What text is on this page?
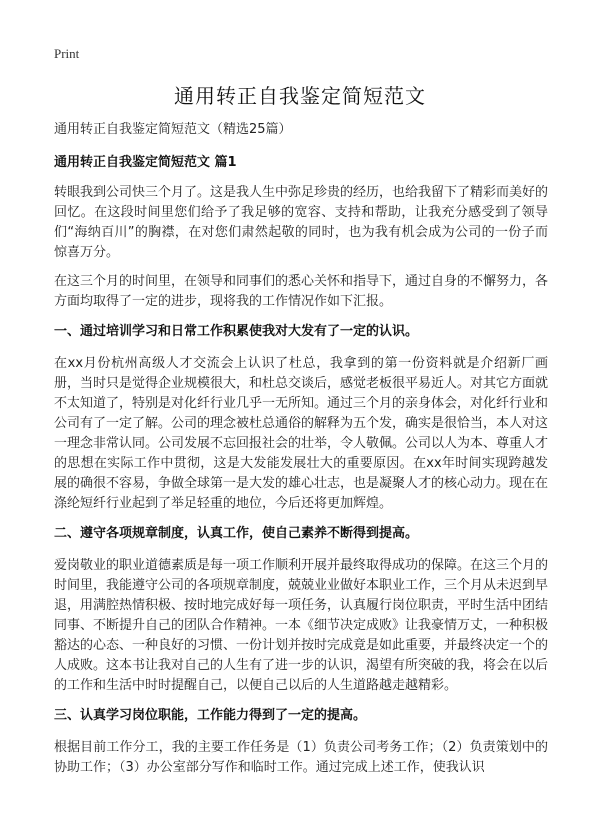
Print
通用转正自我鉴定简短范文
通用转正自我鉴定简短范文（精选25篇）
通用转正自我鉴定简短范文 篇1

转眼我到公司快三个月了。这是我人生中弥足珍贵的经历，也给我留下了精彩而美好的回忆。在这段时间里您们给予了我足够的宽容、支持和帮助，让我充分感受到了领导们“海纳百川”的胸襟，在对您们肃然起敬的同时，也为我有机会成为公司的一份子而惊喜万分。

在这三个月的时间里，在领导和同事们的悉心关怀和指导下，通过自身的不懈努力，各方面均取得了一定的进步，现将我的工作情况作如下汇报。

一、通过培训学习和日常工作积累使我对大发有了一定的认识。

在xx月份杭州高级人才交流会上认识了杜总，我拿到的第一份资料就是介绍新厂画册，当时只是觉得企业规模很大，和杜总交谈后，感觉老板很平易近人。对其它方面就不太知道了，特别是对化纤行业几乎一无所知。通过三个月的亲身体会，对化纤行业和公司有了一定了解。公司的理念被杜总通俗的解释为五个发，确实是很恰当，本人对这一理念非常认同。公司发展不忘回报社会的壮举，令人敬佩。公司以人为本、尊重人才的思想在实际工作中贯彻，这是大发能发展壮大的重要原因。在xx年时间实现跨越发展的确很不容易，争做全球第一是大发的雄心壮志，也是凝聚人才的核心动力。现在在涤纶短纤行业起到了举足轻重的地位，今后还将更加辉煌。

二、遵守各项规章制度，认真工作，使自己素养不断得到提高。

爱岗敬业的职业道德素质是每一项工作顺利开展并最终取得成功的保障。在这三个月的时间里，我能遵守公司的各项规章制度，兢兢业业做好本职业工作，三个月从未迟到早退，用满腔热情积极、按时地完成好每一项任务，认真履行岗位职责，平时生活中团结同事、不断提升自己的团队合作精神。一本《细节决定成败》让我豪情万丈，一种积极豁达的心态、一种良好的习惯、一份计划并按时完成竟是如此重要，并最终决定一个的人成败。这本书让我对自己的人生有了进一步的认识，渴望有所突破的我，将会在以后的工作和生活中时时提醒自己，以便自己以后的人生道路越走越精彩。

三、认真学习岗位职能，工作能力得到了一定的提高。

根据目前工作分工，我的主要工作任务是（1）负责公司考务工作；（2）负责策划中的协助工作；（3）办公室部分写作和临时工作。通过完成上述工作，使我认识
